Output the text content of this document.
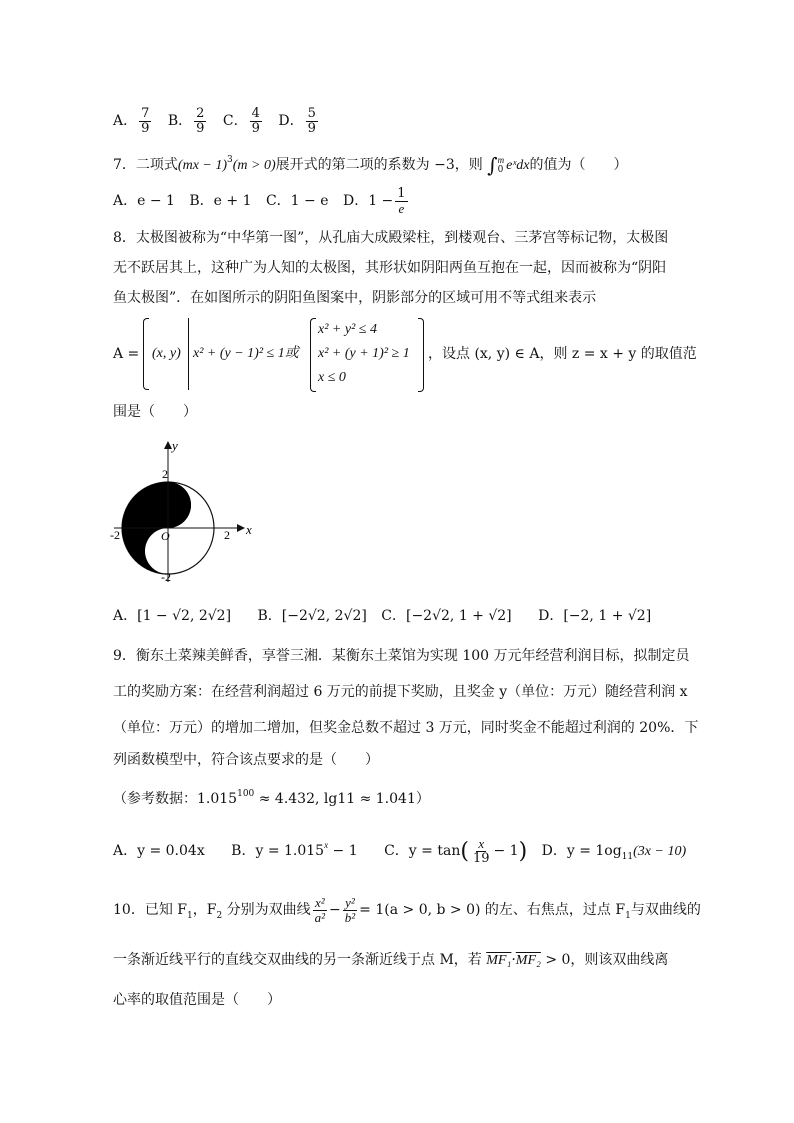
A． $\frac{7}{9}$ B． $\frac{2}{9}$ C． $\frac{4}{9}$ D． $\frac{5}{9}$
7．二项式(mx − 1)$^3$(m > 0)展开式的第二项的系数为 −3，则 ∫ m
0 eˣdx的值为（　　）
A．e − 1 B．e + 1 C．1 − e D．$1 - \frac{1}{e}$
8．太极图被称为“中华第一图”，从孔庙大成殿梁柱，到楼观台、三茅宫等标记物，太极图
无不跃居其上，这种广为人知的太极图，其形状如阴阳两鱼互抱在一起，因而被称为“阴阳
鱼太极图”．在如图所示的阴阳鱼图案中，阴影部分的区域可用不等式组来表示
A = (x, y) x² + (y − 1)² ≤ 1或
x² + y² ≤ 4
x² + (y + 1)² ≥ 1
x ≤ 0
，设点 (x, y) ∈ A，则 z = x + y 的取值范
围是（　　）
y
x
O
2
-2
2
-2
A．[1 − √2, 2√2] B．[−2√2, 2√2] C．[−2√2, 1 + √2] D．[−2, 1 + √2]
9．衡东土菜辣美鲜香，享誉三湘．某衡东土菜馆为实现 100 万元年经营利润目标，拟制定员
工的奖励方案：在经营利润超过 6 万元的前提下奖励，且奖金 y（单位：万元）随经营利润 x
（单位：万元）的增加二增加，但奖金总数不超过 3 万元，同时奖金不能超过利润的 20%．下
列函数模型中，符合该点要求的是（　　）
（参考数据：$1.015^{100} \approx 4.432$, lg11 ≈ 1.041）
A．y = 0.04x B．$y = 1.015^x - 1$ C．$y = \tan( \frac{x}{19} - 1)$ D．$y = 1og_{11}(3x - 10)$
10．已知 $F_1$，$F_2$ 分别为双曲线 $\frac{\text{x²}}{\text{a²}} - \frac{\text{y²}}{\text{b²}} = 1(a > 0$, b > 0) 的左、右焦点，过点 $F_1$与双曲线的
一条渐近线平行的直线交双曲线的另一条渐近线于点 M，若 MF₁·MF₂ > 0，则该双曲线离
心率的取值范围是（　　）
